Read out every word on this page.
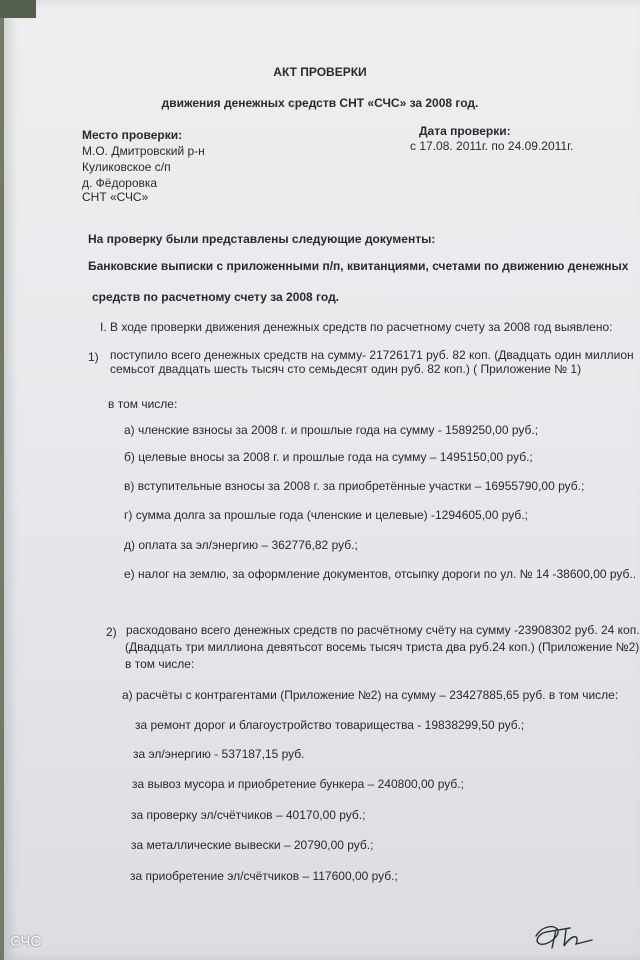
АКТ ПРОВЕРКИ
движения денежных средств СНТ «СЧС» за 2008 год.
Место проверки:
М.О. Дмитровский р-н
Куликовское с/п
д. Фёдоровка
СНТ «СЧС»
Дата проверки:
с 17.08. 2011г. по 24.09.2011г.
На проверку были представлены следующие документы:
Банковские выписки с приложенными п/п, квитанциями, счетами по движению денежных
средств по расчетному счету за 2008 год.
I. В ходе проверки движения денежных средств по расчетному счету за 2008 год выявлено:
1) поступило всего денежных средств на сумму- 21726171 руб. 82 коп. (Двадцать один миллион
семьсот двадцать шесть тысяч сто семьдесят один руб. 82 коп.) ( Приложение № 1)
в том числе:
а) членские взносы за 2008 г. и прошлые года на сумму - 1589250,00 руб.;
б) целевые вносы за 2008 г. и прошлые года на сумму – 1495150,00 руб.;
в) вступительные взносы за 2008 г. за приобретённые участки – 16955790,00 руб.;
г) сумма долга за прошлые года (членские и целевые) -1294605,00 руб.;
д) оплата за эл/энергию – 362776,82 руб.;
е) налог на землю, за оформление документов, отсыпку дороги по ул. № 14 -38600,00 руб..
2) расходовано всего денежных средств по расчётному счёту на сумму -23908302 руб. 24 коп.
(Двадцать три миллиона девятьсот восемь тысяч триста два руб.24 коп.) (Приложение №2)
в том числе:
а) расчёты с контрагентами (Приложение №2) на сумму – 23427885,65 руб. в том числе:
за ремонт дорог и благоустройство товарищества - 19838299,50 руб.;
за эл/энергию - 537187,15 руб.
за вывоз мусора и приобретение бункера – 240800,00 руб.;
за проверку эл/счётчиков – 40170,00 руб.;
за металлические вывески – 20790,00 руб.;
за приобретение эл/счётчиков – 117600,00 руб.;
СЧС
